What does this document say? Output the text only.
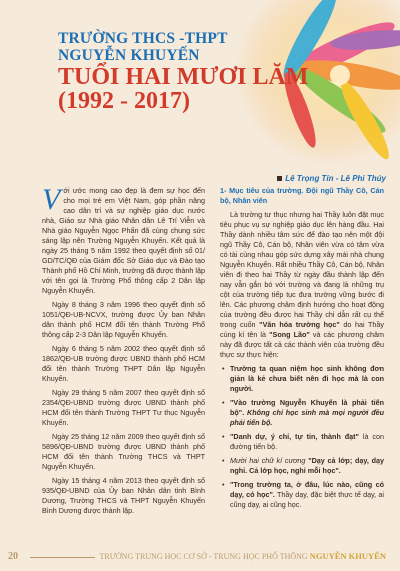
TRƯỜNG THCS -THPT

NGUYỄN KHUYẾN

TUỔI HAI MƯƠI LĂM

(1992 - 2017)

Lê Trọng Tín - Lê Phi Thúy

Với ước mong cao đẹp là đem sự học đến cho mọi trẻ em Việt Nam, góp phần nâng cao dân trí và sự nghiệp giáo dục nước nhà, Giáo sư Nhà giáo Nhân dân Lê Trí Viễn và Nhà giáo Nguyễn Ngọc Phấn đã cùng chung sức sáng lập nên Trường Nguyễn Khuyến. Kết quả là ngày 25 tháng 5 năm 1992 theo quyết định số 01/ GD/TC/QĐ của Giám đốc Sở Giáo dục và Đào tạo Thành phố Hồ Chí Minh, trường đã được thành lập với tên gọi là Trường Phổ thông cấp 2 Dân lập Nguyễn Khuyến.

Ngày 8 tháng 3 năm 1996 theo quyết định số 1051/QĐ-UB-NCVX, trường được Ủy ban Nhân dân thành phố HCM đổi tên thành Trường Phổ thông cấp 2-3 Dân lập Nguyễn Khuyến.

Ngày 6 tháng 5 năm 2002 theo quyết định số 1862/QĐ-UB trường được UBND thành phố HCM đổi tên thành Trường THPT Dân lập Nguyễn Khuyến.

Ngày 29 tháng 5 năm 2007 theo quyết định số 2354/QĐ-UBND trường được UBND thành phố HCM đổi tên thành Trường THPT Tư thục Nguyễn Khuyến.

Ngày 25 tháng 12 năm 2009 theo quyết định số 5896/QĐ-UBND trường được UBND thành phố HCM đổi tên thành Trường THCS và THPT Nguyễn Khuyến.

Ngày 15 tháng 4 năm 2013 theo quyết định số 935/QĐ-UBND của Ủy ban Nhân dân tỉnh Bình Dương, Trường THCS và THPT Nguyễn Khuyến Bình Dương được thành lập.

1- Mục tiêu của trường. Đội ngũ Thầy Cô, Cán bộ, Nhân viên

Là trường tư thục nhưng hai Thầy luôn đặt mục tiêu phục vụ sự nghiệp giáo dục lên hàng đầu. Hai Thầy dành nhiều tâm sức để đào tạo nên một đội ngũ Thầy Cô, Cán bộ, Nhân viên vừa có tâm vừa có tài cùng nhau góp sức dựng xây mái nhà chung Nguyễn Khuyến. Rất nhiều Thầy Cô, Cán bộ, Nhân viên đi theo hai Thầy từ ngày đầu thành lập đến nay vẫn gắn bó với trường và đang là những trụ cột của trường tiếp tục đưa trường vững bước đi lên. Các phương châm định hướng cho hoạt động của trường đều được hai Thầy chỉ dẫn rất cụ thể trong cuốn "Văn hóa trường học" do hai Thầy cùng kí tên là "Song Lão" và các phương châm này đã được tất cả các thành viên của trường đều thực sự thực hiện:

• Trường ta quan niệm học sinh không đơn giản là kẻ chưa biết nên đi học mà là con người.

• "Vào trường Nguyễn Khuyến là phải tiến bộ". Không chỉ học sinh mà mọi người đều phải tiến bộ.

• "Danh dự, ý chí, tự tin, thành đạt" là con đường tiến bộ.

• Mười hai chữ kí cương "Dạy cả lớp; dạy, dạy nghỉ. Cả lớp học, nghỉ mỗi học".

• "Trong trường ta, ở đâu, lúc nào, cũng có dạy, có học". Thầy dạy, đặc biệt thực tế dạy, ai cũng dạy, ai cũng học.

20	TRƯỜNG TRUNG HỌC CƠ SỞ - TRUNG HỌC PHỔ THÔNG NGUYỄN KHUYẾN
